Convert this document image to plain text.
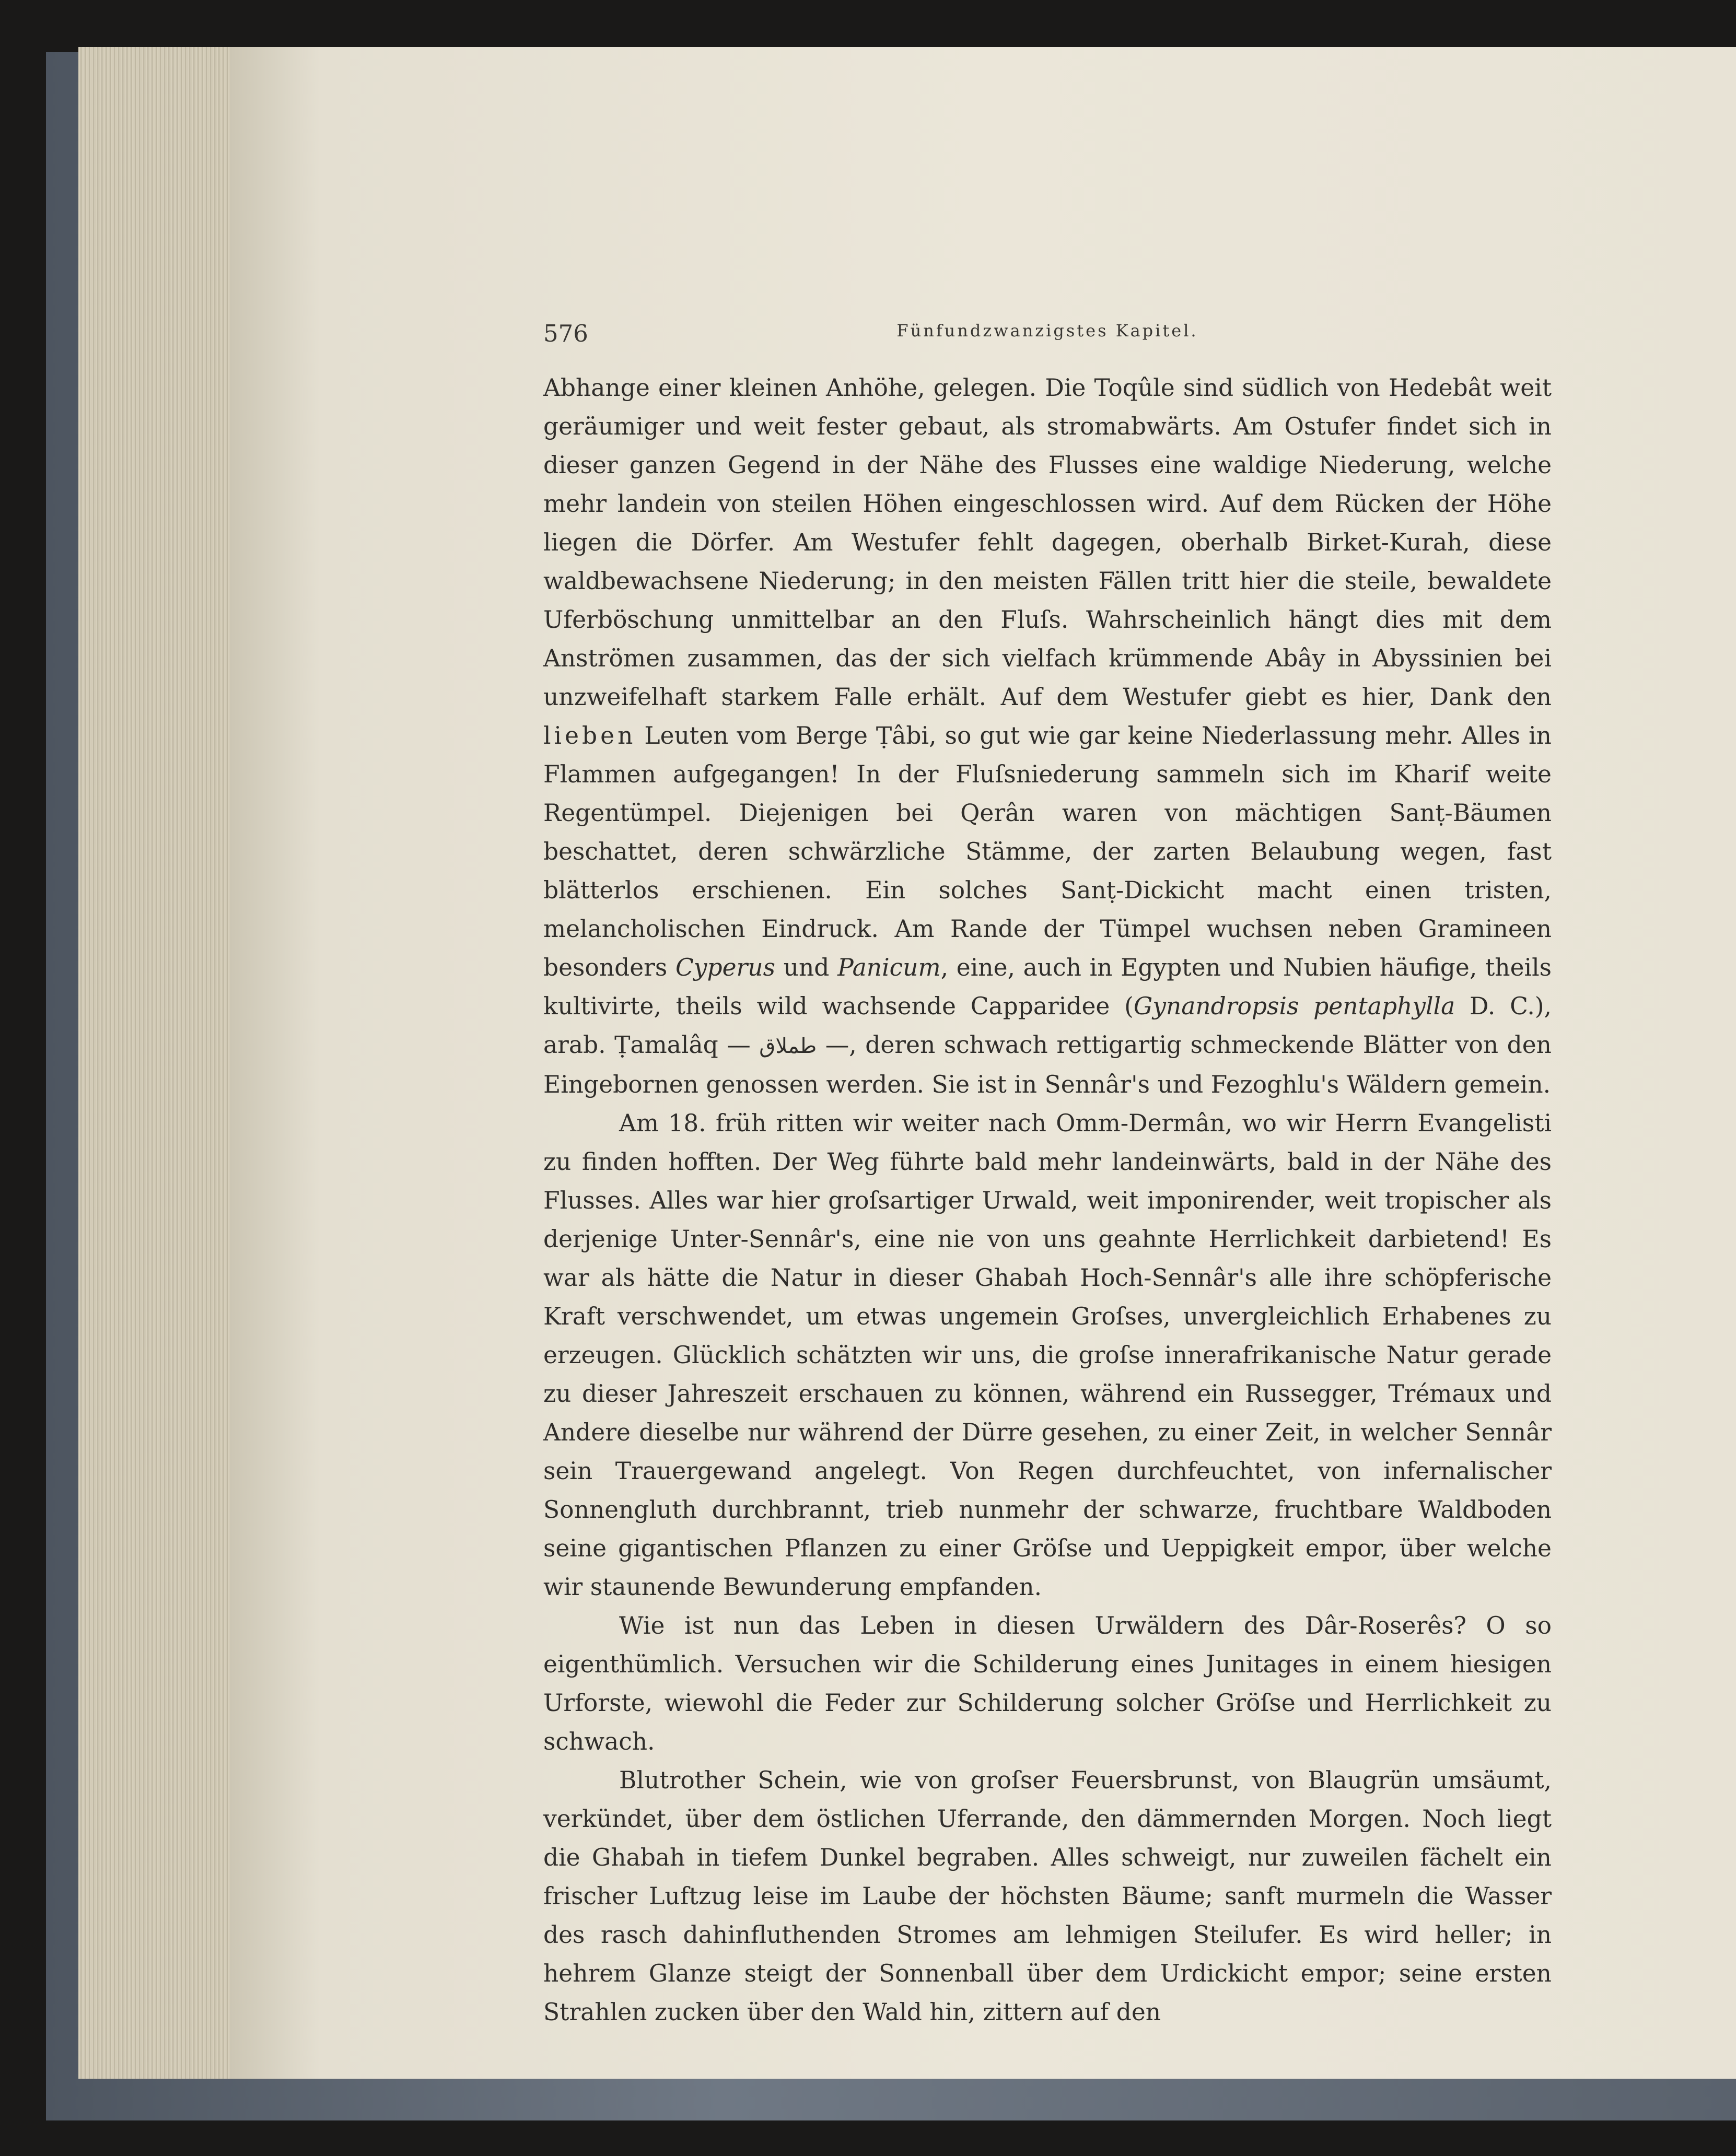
576	Fünfundzwanzigstes Kapitel.

Abhange einer kleinen Anhöhe, gelegen. Die Toqûle sind südlich von Hedebât weit geräumiger und weit fester gebaut, als stromabwärts. Am Ostufer findet sich in dieser ganzen Gegend in der Nähe des Flusses eine waldige Niederung, welche mehr landein von steilen Höhen eingeschlossen wird. Auf dem Rücken der Höhe liegen die Dörfer. Am Westufer fehlt dagegen, oberhalb Birket-Kurah, diese waldbewachsene Niederung; in den meisten Fällen tritt hier die steile, bewaldete Uferböschung unmittelbar an den Fluſs. Wahrscheinlich hängt dies mit dem Anströmen zusammen, das der sich vielfach krümmende Abây in Abyssinien bei unzweifelhaft starkem Falle erhält. Auf dem Westufer giebt es hier, Dank den lieben Leuten vom Berge Ṭâbi, so gut wie gar keine Niederlassung mehr. Alles in Flammen aufgegangen! In der Fluſsniederung sammeln sich im Kharif weite Regentümpel. Diejenigen bei Qerân waren von mächtigen Sanṭ-Bäumen beschattet, deren schwärzliche Stämme, der zarten Belaubung wegen, fast blätterlos erschienen. Ein solches Sanṭ-Dickicht macht einen tristen, melancholischen Eindruck. Am Rande der Tümpel wuchsen neben Gramineen besonders Cyperus und Panicum, eine, auch in Egypten und Nubien häufige, theils kultivirte, theils wild wachsende Capparidee (Gynandropsis pentaphylla D. C.), arab. Ṭamalâq — طملاق —, deren schwach rettigartig schmeckende Blätter von den Eingebornen genossen werden. Sie ist in Sennâr's und Fezoghlu's Wäldern gemein.

Am 18. früh ritten wir weiter nach Omm-Dermân, wo wir Herrn Evangelisti zu finden hofften. Der Weg führte bald mehr landeinwärts, bald in der Nähe des Flusses. Alles war hier groſsartiger Urwald, weit imponirender, weit tropischer als derjenige Unter-Sennâr's, eine nie von uns geahnte Herrlichkeit darbietend! Es war als hätte die Natur in dieser Ghabah Hoch-Sennâr's alle ihre schöpferische Kraft verschwendet, um etwas ungemein Groſses, unvergleichlich Erhabenes zu erzeugen. Glücklich schätzten wir uns, die groſse innerafrikanische Natur gerade zu dieser Jahreszeit erschauen zu können, während ein Russegger, Trémaux und Andere dieselbe nur während der Dürre gesehen, zu einer Zeit, in welcher Sennâr sein Trauergewand angelegt. Von Regen durchfeuchtet, von infernalischer Sonnengluth durchbrannt, trieb nunmehr der schwarze, fruchtbare Waldboden seine gigantischen Pflanzen zu einer Gröſse und Ueppigkeit empor, über welche wir staunende Bewunderung empfanden.

Wie ist nun das Leben in diesen Urwäldern des Dâr-Roserês? O so eigenthümlich. Versuchen wir die Schilderung eines Junitages in einem hiesigen Urforste, wiewohl die Feder zur Schilderung solcher Gröſse und Herrlichkeit zu schwach.

Blutrother Schein, wie von groſser Feuersbrunst, von Blaugrün umsäumt, verkündet, über dem östlichen Uferrande, den dämmernden Morgen. Noch liegt die Ghabah in tiefem Dunkel begraben. Alles schweigt, nur zuweilen fächelt ein frischer Luftzug leise im Laube der höchsten Bäume; sanft murmeln die Wasser des rasch dahinfluthenden Stromes am lehmigen Steilufer. Es wird heller; in hehrem Glanze steigt der Sonnenball über dem Urdickicht empor; seine ersten Strahlen zucken über den Wald hin, zittern auf den
